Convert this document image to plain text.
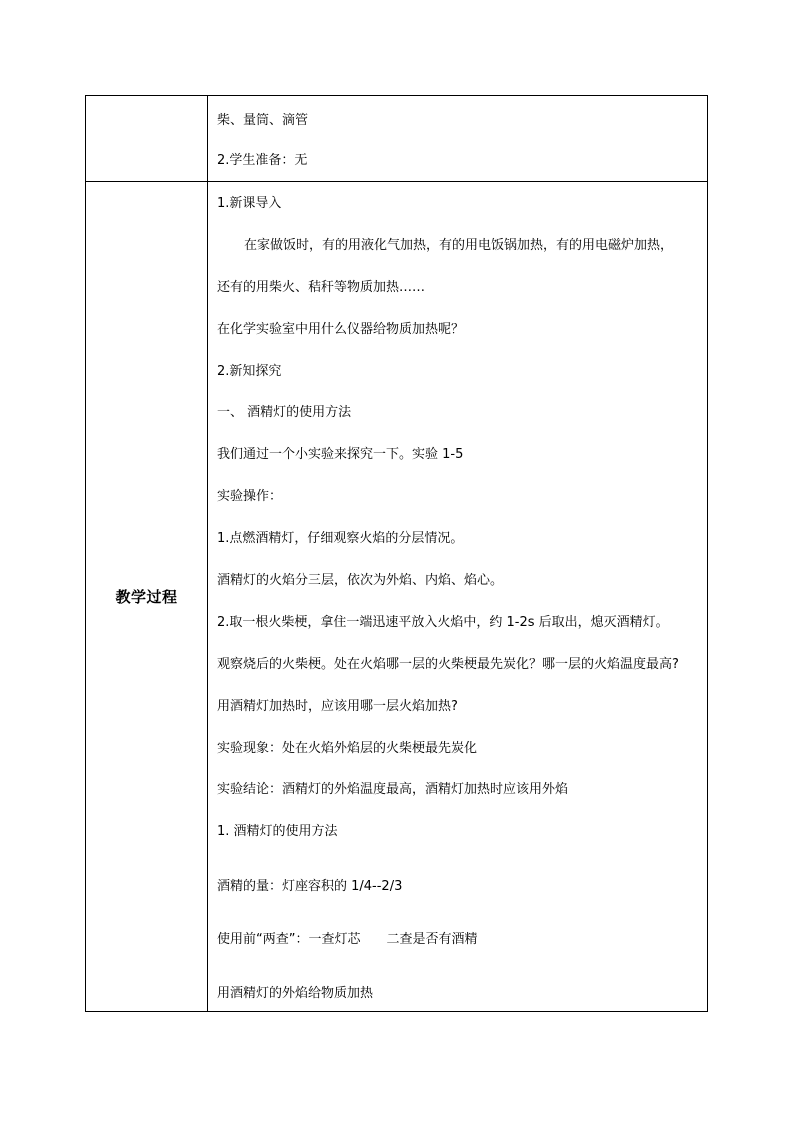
柴、量筒、滴管
2.学生准备：无
教学过程
1.新课导入
在家做饭时，有的用液化气加热，有的用电饭锅加热，有的用电磁炉加热，
还有的用柴火、秸秆等物质加热……
在化学实验室中用什么仪器给物质加热呢？
2.新知探究
一、 酒精灯的使用方法
我们通过一个小实验来探究一下。实验 1-5
实验操作：
1.点燃酒精灯，仔细观察火焰的分层情况。
酒精灯的火焰分三层，依次为外焰、内焰、焰心。
2.取一根火柴梗，拿住一端迅速平放入火焰中，约 1-2s 后取出，熄灭酒精灯。
观察烧后的火柴梗。处在火焰哪一层的火柴梗最先炭化？哪一层的火焰温度最高?
用酒精灯加热时，应该用哪一层火焰加热?
实验现象：处在火焰外焰层的火柴梗最先炭化
实验结论：酒精灯的外焰温度最高，酒精灯加热时应该用外焰
1. 酒精灯的使用方法
酒精的量：灯座容积的 1/4--2/3
使用前“两查”：一查灯芯 二查是否有酒精
用酒精灯的外焰给物质加热
